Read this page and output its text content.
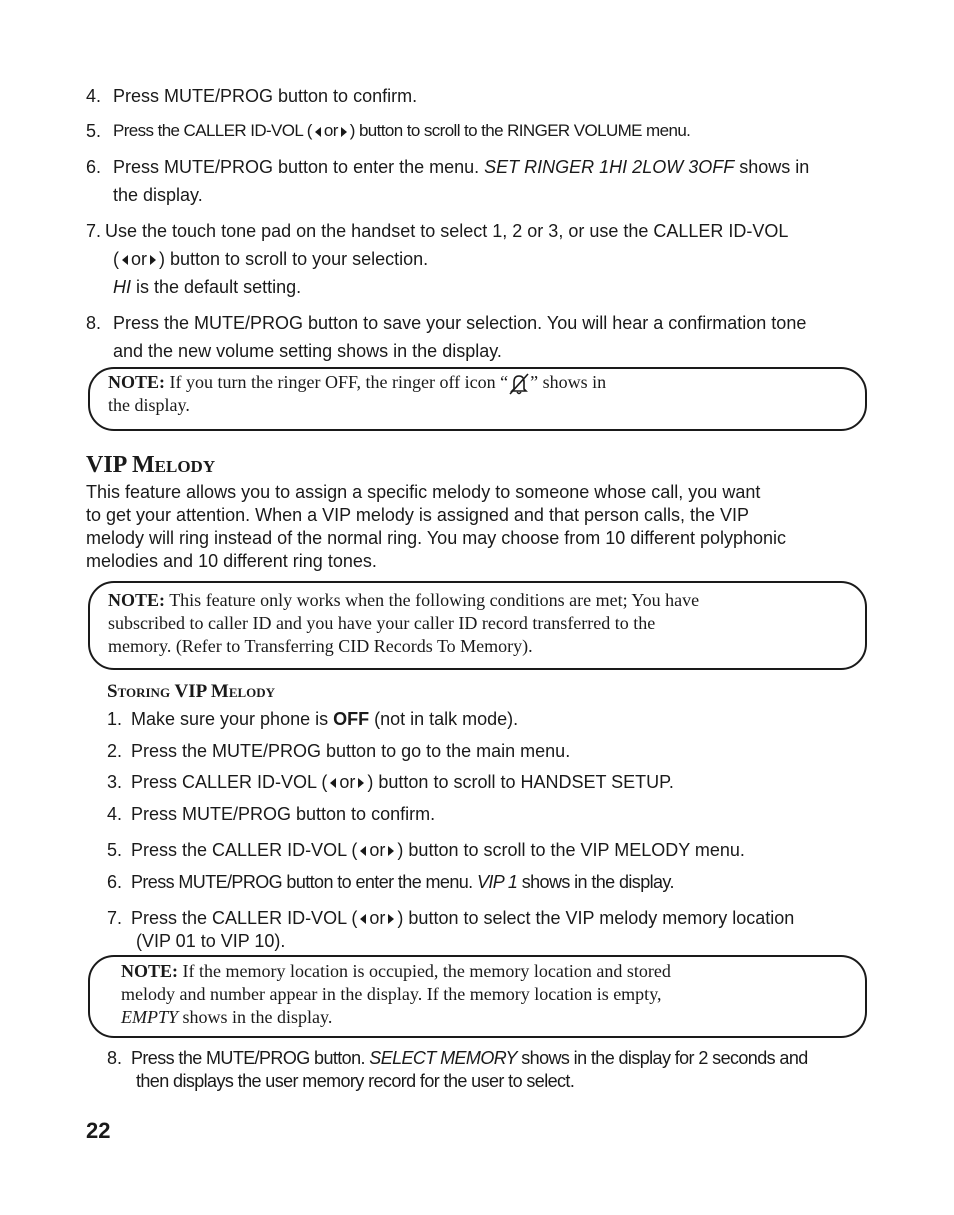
4. Press MUTE/PROG button to confirm.
5. Press the CALLER ID-VOL ( or ) button to scroll to the RINGER VOLUME menu.
6. Press MUTE/PROG button to enter the menu. SET RINGER 1HI 2LOW 3OFF shows in
the display.
7. Use the touch tone pad on the handset to select 1, 2 or 3, or use the CALLER ID-VOL
( or ) button to scroll to your selection.
HI is the default setting.
8. Press the MUTE/PROG button to save your selection. You will hear a confirmation tone
and the new volume setting shows in the display.
NOTE: If you turn the ringer OFF, the ringer off icon “ ” shows in
the display.
VIP Melody
This feature allows you to assign a specific melody to someone whose call, you want
to get your attention. When a VIP melody is assigned and that person calls, the VIP
melody will ring instead of the normal ring. You may choose from 10 different polyphonic
melodies and 10 different ring tones.
NOTE: This feature only works when the following conditions are met; You have
subscribed to caller ID and you have your caller ID record transferred to the
memory. (Refer to Transferring CID Records To Memory).
Storing VIP Melody
1. Make sure your phone is OFF (not in talk mode).
2. Press the MUTE/PROG button to go to the main menu.
3. Press CALLER ID-VOL ( or ) button to scroll to HANDSET SETUP.
4. Press MUTE/PROG button to confirm.
5. Press the CALLER ID-VOL ( or ) button to scroll to the VIP MELODY menu.
6. Press MUTE/PROG button to enter the menu. VIP 1 shows in the display.
7. Press the CALLER ID-VOL ( or ) button to select the VIP melody memory location
(VIP 01 to VIP 10).
NOTE: If the memory location is occupied, the memory location and stored
melody and number appear in the display. If the memory location is empty,
EMPTY shows in the display.
8. Press the MUTE/PROG button. SELECT MEMORY shows in the display for 2 seconds and
then displays the user memory record for the user to select.
22
